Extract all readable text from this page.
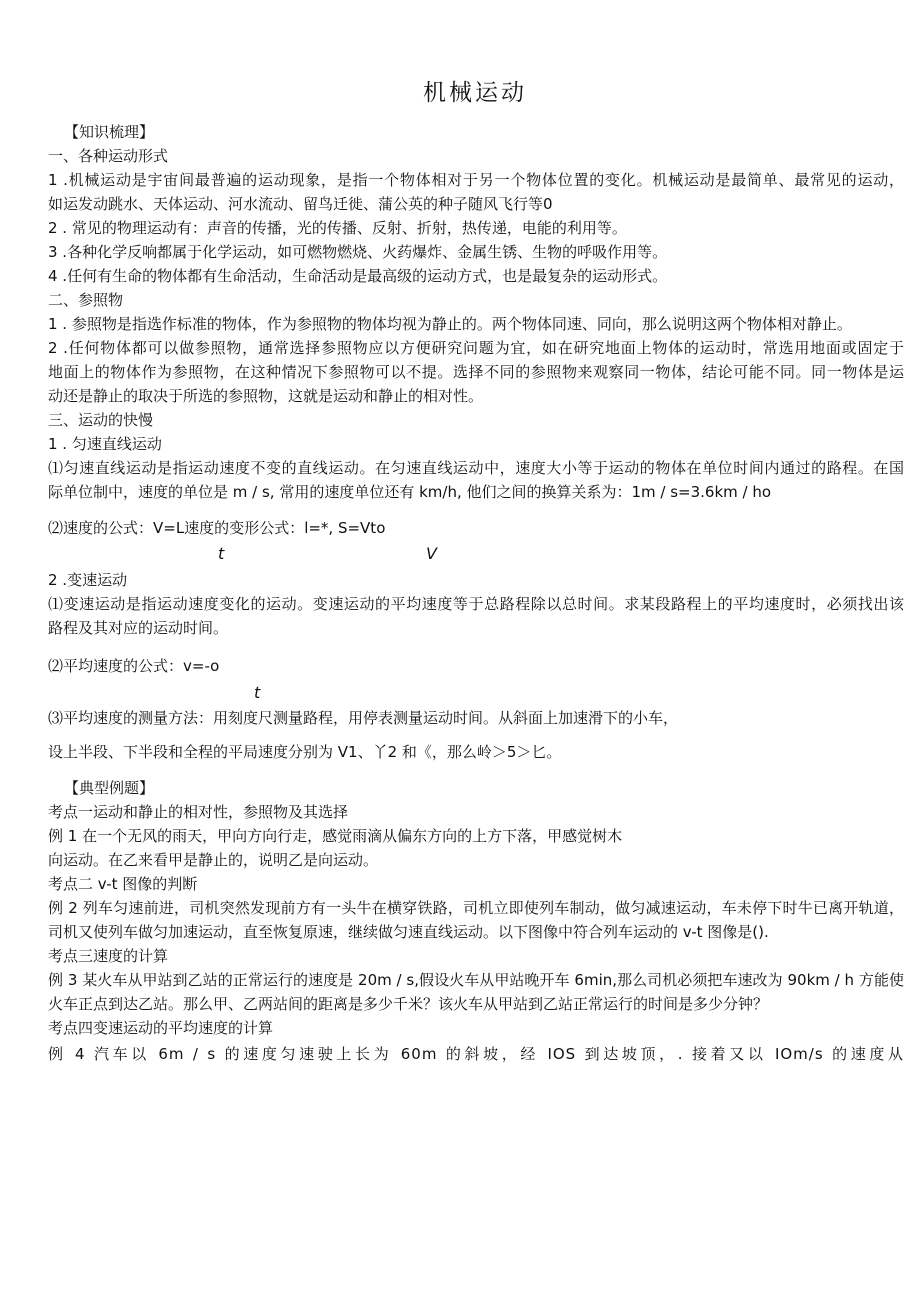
机械运动
【知识梳理】
一、各种运动形式
1 .机械运动是宇宙间最普遍的运动现象，是指一个物体相对于另一个物体位置的变化。机械运动是最简单、最常见的运动，
如运发动跳水、天体运动、河水流动、留鸟迁徙、蒲公英的种子随风飞行等0
2 . 常见的物理运动有：声音的传播，光的传播、反射、折射，热传递，电能的利用等。
3 .各种化学反响都属于化学运动，如可燃物燃烧、火药爆炸、金属生锈、生物的呼吸作用等。
4 .任何有生命的物体都有生命活动，生命活动是最高级的运动方式，也是最复杂的运动形式。
二、参照物
1 . 参照物是指选作标准的物体，作为参照物的物体均视为静止的。两个物体同速、同向，那么说明这两个物体相对静止。
2 .任何物体都可以做参照物，通常选择参照物应以方便研究问题为宜，如在研究地面上物体的运动时，常选用地面或固定于
地面上的物体作为参照物，在这种情况下参照物可以不提。选择不同的参照物来观察同一物体，结论可能不同。同一物体是运
动还是静止的取决于所选的参照物，这就是运动和静止的相对性。
三、运动的快慢
1 . 匀速直线运动
⑴匀速直线运动是指运动速度不变的直线运动。在匀速直线运动中，速度大小等于运动的物体在单位时间内通过的路程。在国
际单位制中，速度的单位是 m / s, 常用的速度单位还有 km/h, 他们之间的换算关系为：1m / s=3.6km / ho
⑵速度的公式：V=L速度的变形公式：l=*, S=Vto
t	V
2 .变速运动
⑴变速运动是指运动速度变化的运动。变速运动的平均速度等于总路程除以总时间。求某段路程上的平均速度时，必须找出该
路程及其对应的运动时间。
⑵平均速度的公式：v=-o
t
⑶平均速度的测量方法：用刻度尺测量路程，用停表测量运动时间。从斜面上加速滑下的小车，
设上半段、下半段和全程的平局速度分别为 V1、丫2 和《，那么岭＞5＞匕。
【典型例题】
考点一运动和静止的相对性，参照物及其选择
例 1 在一个无风的雨天，甲向方向行走，感觉雨滴从偏东方向的上方下落，甲感觉树木
向运动。在乙来看甲是静止的，说明乙是向运动。
考点二 v-t 图像的判断
例 2 列车匀速前进，司机突然发现前方有一头牛在横穿铁路，司机立即使列车制动，做匀减速运动，车未停下时牛已离开轨道，
司机又使列车做匀加速运动，直至恢复原速，继续做匀速直线运动。以下图像中符合列车运动的 v-t 图像是().
考点三速度的计算
例 3 某火车从甲站到乙站的正常运行的速度是 20m / s,假设火车从甲站晚开车 6min,那么司机必须把车速改为 90km / h 方能使
火车正点到达乙站。那么甲、乙两站间的距离是多少千米？该火车从甲站到乙站正常运行的时间是多少分钟？
考点四变速运动的平均速度的计算
例 4 汽车以 6m / s 的速度匀速驶上长为 60m 的斜坡，经 IOS 到达坡顶，. 接着又以 IOm/s 的速度从
